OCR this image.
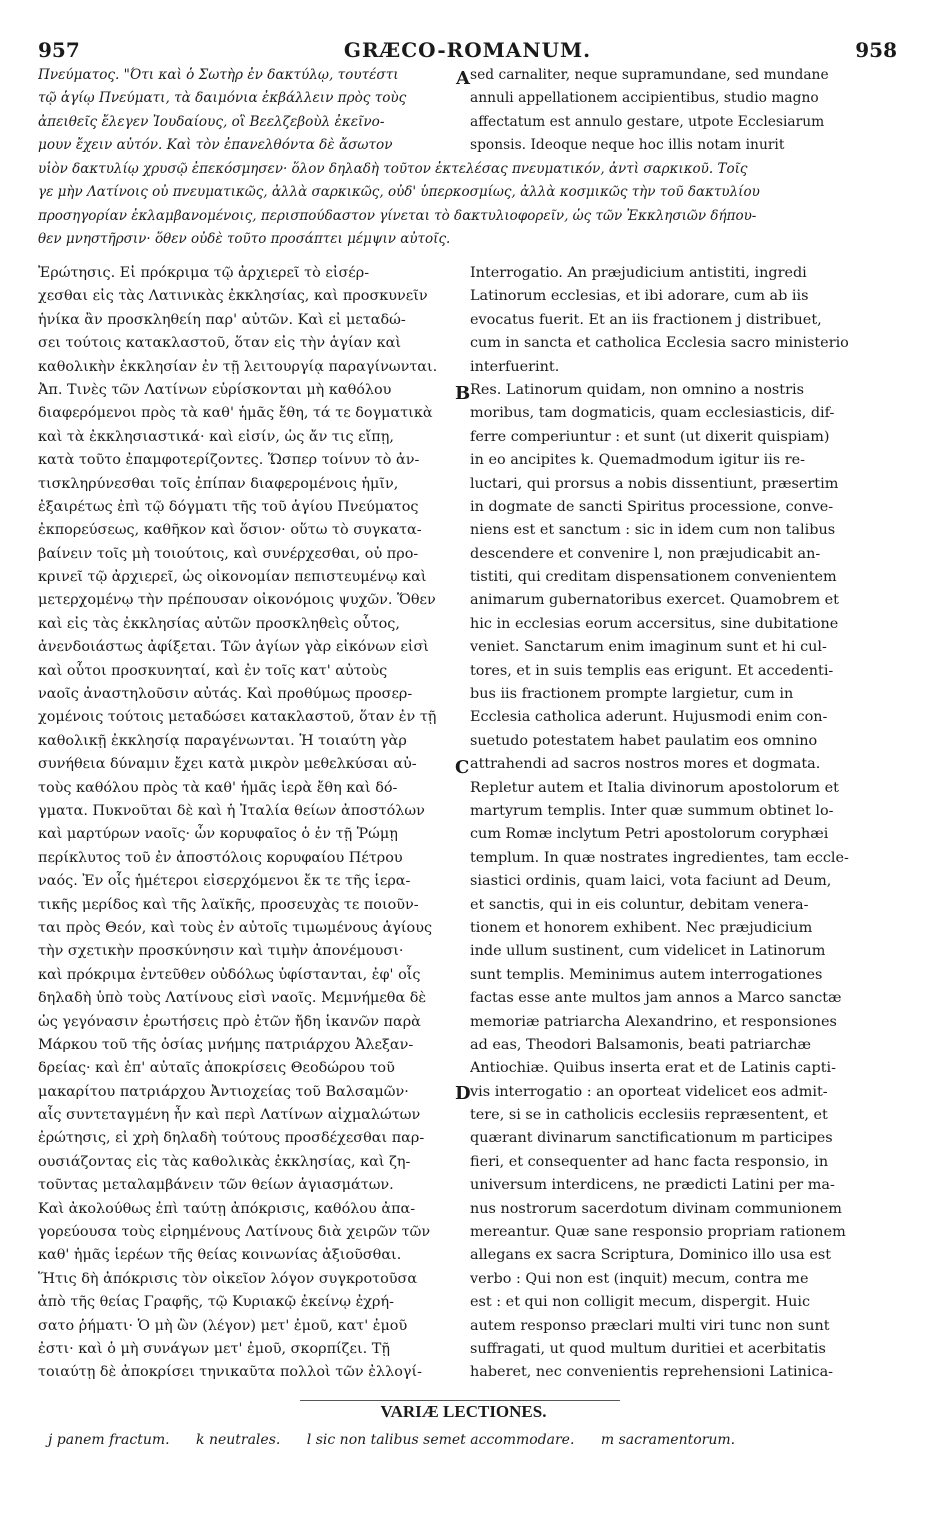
957	GRÆCO-ROMANUM.	958
Πνεύματος. "Ότι καὶ ὁ Σωτὴρ ἐν δακτύλῳ, τουτέστι
τῷ ἁγίῳ Πνεύματι, τὰ δαιμόνια ἐκβάλλειν πρὸς τοὺς
ἀπειθεῖς ἔλεγεν Ἰουδαίους, οἳ Βεελζεβοὺλ ἐκεῖνο-
μουν ἔχειν αὐτόν. Καὶ τὸν ἐπανελθόντα δὲ ἄσωτον
sed carnaliter, neque supramundane, sed mundane
annuli appellationem accipientibus, studio magno
affectatum est annulo gestare, utpote Ecclesiarum
sponsis. Ideoque neque hoc illis notam inurit
υἱὸν δακτυλίῳ χρυσῷ ἐπεκόσμησεν· ὅλον δηλαδὴ τοῦτον ἐκτελέσας πνευματικόν, ἀντὶ σαρκικοῦ. Τοῖς
γε μὴν Λατίνοις οὐ πνευματικῶς, ἀλλὰ σαρκικῶς, οὐδ' ὑπερκοσμίως, ἀλλὰ κοσμικῶς τὴν τοῦ δακτυλίου
προσηγορίαν ἐκλαμβανομένοις, περισπούδαστον γίνεται τὸ δακτυλιοφορεῖν, ὡς τῶν Ἐκκλησιῶν δήπου-
θεν μνηστῆρσιν· ὅθεν οὐδὲ τοῦτο προσάπτει μέμψιν αὐτοῖς.
Ἐρώτησις. Εἰ πρόκριμα τῷ ἀρχιερεῖ τὸ εἰσέρ-
χεσθαι εἰς τὰς Λατινικὰς ἐκκλησίας, καὶ προσκυνεῖν
ἡνίκα ἂν προσκληθείη παρ' αὐτῶν. Καὶ εἰ μεταδώ-
σει τούτοις κατακλαστοῦ, ὅταν εἰς τὴν ἁγίαν καὶ
καθολικὴν ἐκκλησίαν ἐν τῇ λειτουργίᾳ παραγίνωνται.
Ἀπ. Τινὲς τῶν Λατίνων εὑρίσκονται μὴ καθόλου
διαφερόμενοι πρὸς τὰ καθ' ἡμᾶς ἔθη, τά τε δογματικὰ
καὶ τὰ ἐκκλησιαστικά· καὶ εἰσίν, ὡς ἄν τις εἴπῃ,
κατὰ τοῦτο ἐπαμφοτερίζοντες. Ὥσπερ τοίνυν τὸ ἀν-
τισκληρύνεσθαι τοῖς ἐπίπαν διαφερομένοις ἡμῖν,
ἐξαιρέτως ἐπὶ τῷ δόγματι τῆς τοῦ ἁγίου Πνεύματος
ἐκπορεύσεως, καθῆκον καὶ ὅσιον· οὕτω τὸ συγκατα-
βαίνειν τοῖς μὴ τοιούτοις, καὶ συνέρχεσθαι, οὐ προ-
κρινεῖ τῷ ἀρχιερεῖ, ὡς οἰκονομίαν πεπιστευμένῳ καὶ
μετερχομένῳ τὴν πρέπουσαν οἰκονόμοις ψυχῶν. Ὅθεν
καὶ εἰς τὰς ἐκκλησίας αὐτῶν προσκληθεὶς οὗτος,
ἀνενδοιάστως ἀφίξεται. Τῶν ἁγίων γὰρ εἰκόνων εἰσὶ
καὶ οὗτοι προσκυνηταί, καὶ ἐν τοῖς κατ' αὐτοὺς
ναοῖς ἀναστηλοῦσιν αὐτάς. Καὶ προθύμως προσερ-
χομένοις τούτοις μεταδώσει κατακλαστοῦ, ὅταν ἐν τῇ
καθολικῇ ἐκκλησίᾳ παραγένωνται. Ἡ τοιαύτη γὰρ
συνήθεια δύναμιν ἔχει κατὰ μικρὸν μεθελκύσαι αὐ-
τοὺς καθόλου πρὸς τὰ καθ' ἡμᾶς ἱερὰ ἔθη καὶ δό-
γματα. Πυκνοῦται δὲ καὶ ἡ Ἰταλία θείων ἀποστόλων
καὶ μαρτύρων ναοῖς· ὧν κορυφαῖος ὁ ἐν τῇ Ῥώμῃ
περίκλυτος τοῦ ἐν ἀποστόλοις κορυφαίου Πέτρου
ναός. Ἐν οἷς ἡμέτεροι εἰσερχόμενοι ἔκ τε τῆς ἱερα-
τικῆς μερίδος καὶ τῆς λαϊκῆς, προσευχὰς τε ποιοῦν-
ται πρὸς Θεόν, καὶ τοὺς ἐν αὐτοῖς τιμωμένους ἁγίους
τὴν σχετικὴν προσκύνησιν καὶ τιμὴν ἀπονέμουσι·
καὶ πρόκριμα ἐντεῦθεν οὐδόλως ὑφίστανται, ἐφ' οἷς
δηλαδὴ ὑπὸ τοὺς Λατίνους εἰσὶ ναοῖς. Μεμνήμεθα δὲ
ὡς γεγόνασιν ἐρωτήσεις πρὸ ἐτῶν ἤδη ἱκανῶν παρὰ
Μάρκου τοῦ τῆς ὁσίας μνήμης πατριάρχου Ἀλεξαν-
δρείας· καὶ ἐπ' αὐταῖς ἀποκρίσεις Θεοδώρου τοῦ
μακαρίτου πατριάρχου Ἀντιοχείας τοῦ Βαλσαμῶν·
αἷς συντεταγμένη ἦν καὶ περὶ Λατίνων αἰχμαλώτων
ἐρώτησις, εἰ χρὴ δηλαδὴ τούτους προσδέχεσθαι παρ-
ουσιάζοντας εἰς τὰς καθολικὰς ἐκκλησίας, καὶ ζη-
τοῦντας μεταλαμβάνειν τῶν θείων ἁγιασμάτων.
Καὶ ἀκολούθως ἐπὶ ταύτῃ ἀπόκρισις, καθόλου ἀπα-
γορεύουσα τοὺς εἰρημένους Λατίνους διὰ χειρῶν τῶν
καθ' ἡμᾶς ἱερέων τῆς θείας κοινωνίας ἀξιοῦσθαι.
Ἥτις δὴ ἀπόκρισις τὸν οἰκεῖον λόγον συγκροτοῦσα
ἀπὸ τῆς θείας Γραφῆς, τῷ Κυριακῷ ἐκείνῳ ἐχρή-
σατο ῥήματι· Ὁ μὴ ὢν (λέγον) μετ' ἐμοῦ, κατ' ἐμοῦ
ἐστι· καὶ ὁ μὴ συνάγων μετ' ἐμοῦ, σκορπίζει. Τῇ
τοιαύτῃ δὲ ἀποκρίσει τηνικαῦτα πολλοὶ τῶν ἐλλογί-
Interrogatio. An præjudicium antistiti, ingredi
Latinorum ecclesias, et ibi adorare, cum ab iis
evocatus fuerit. Et an iis fractionem j distribuet,
cum in sancta et catholica Ecclesia sacro ministerio
interfuerint.
Res. Latinorum quidam, non omnino a nostris
moribus, tam dogmaticis, quam ecclesiasticis, dif-
ferre comperiuntur : et sunt (ut dixerit quispiam)
in eo ancipites k. Quemadmodum igitur iis re-
luctari, qui prorsus a nobis dissentiunt, præsertim
in dogmate de sancti Spiritus processione, conve-
niens est et sanctum : sic in idem cum non talibus
descendere et convenire l, non præjudicabit an-
tistiti, qui creditam dispensationem convenientem
animarum gubernatoribus exercet. Quamobrem et
hic in ecclesias eorum accersitus, sine dubitatione
veniet. Sanctarum enim imaginum sunt et hi cul-
tores, et in suis templis eas erigunt. Et accedenti-
bus iis fractionem prompte largietur, cum in
Ecclesia catholica aderunt. Hujusmodi enim con-
suetudo potestatem habet paulatim eos omnino
attrahendi ad sacros nostros mores et dogmata.
Repletur autem et Italia divinorum apostolorum et
martyrum templis. Inter quæ summum obtinet lo-
cum Romæ inclytum Petri apostolorum coryphæi
templum. In quæ nostrates ingredientes, tam eccle-
siastici ordinis, quam laici, vota faciunt ad Deum,
et sanctis, qui in eis coluntur, debitam venera-
tionem et honorem exhibent. Nec præjudicium
inde ullum sustinent, cum videlicet in Latinorum
sunt templis. Meminimus autem interrogationes
factas esse ante multos jam annos a Marco sanctæ
memoriæ patriarcha Alexandrino, et responsiones
ad eas, Theodori Balsamonis, beati patriarchæ
Antiochiæ. Quibus inserta erat et de Latinis capti-
vis interrogatio : an oporteat videlicet eos admit-
tere, si se in catholicis ecclesiis repræsentent, et
quærant divinarum sanctificationum m participes
fieri, et consequenter ad hanc facta responsio, in
universum interdicens, ne prædicti Latini per ma-
nus nostrorum sacerdotum divinam communionem
mereantur. Quæ sane responsio propriam rationem
allegans ex sacra Scriptura, Dominico illo usa est
verbo : Qui non est (inquit) mecum, contra me
est : et qui non colligit mecum, dispergit. Huic
autem responso præclari multi viri tunc non sunt
suffragati, ut quod multum duritiei et acerbitatis
haberet, nec convenientis reprehensioni Latinica-
A
B
C
D
VARIÆ LECTIONES.
j panem fractum. k neutrales. l sic non talibus semet accommodare. m sacramentorum.
